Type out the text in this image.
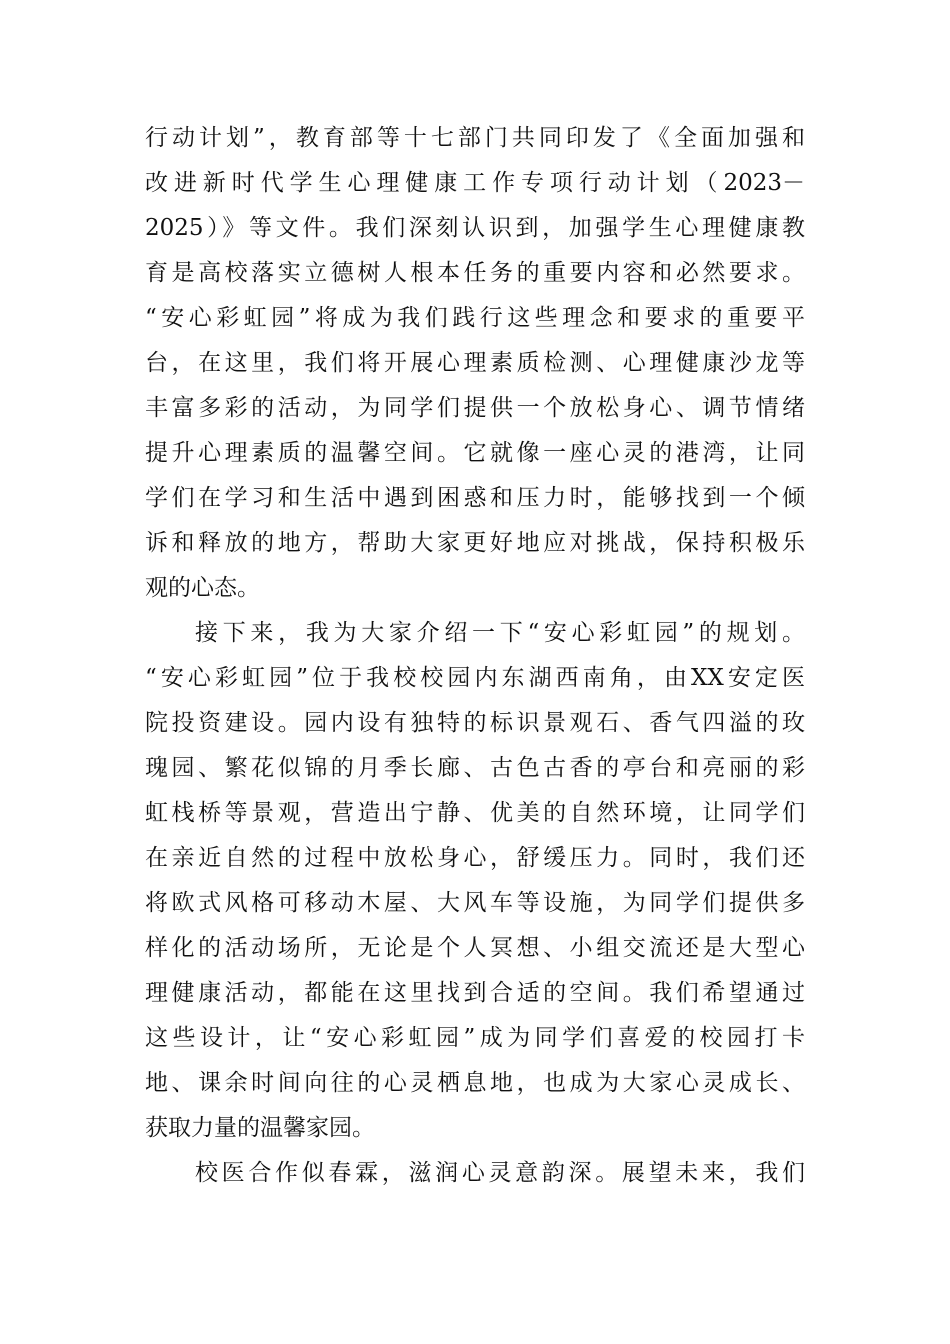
行动计划”，教育部等十七部门共同印发了《全面加强和
改进新时代学生心理健康工作专项行动计划（2023－
2025）》等文件。我们深刻认识到，加强学生心理健康教
育是高校落实立德树人根本任务的重要内容和必然要求。
“安心彩虹园”将成为我们践行这些理念和要求的重要平
台，在这里，我们将开展心理素质检测、心理健康沙龙等
丰富多彩的活动，为同学们提供一个放松身心、调节情绪
提升心理素质的温馨空间。它就像一座心灵的港湾，让同
学们在学习和生活中遇到困惑和压力时，能够找到一个倾
诉和释放的地方，帮助大家更好地应对挑战，保持积极乐
观的心态。
接下来，我为大家介绍一下“安心彩虹园”的规划。
“安心彩虹园”位于我校校园内东湖西南角，由XX安定医
院投资建设。园内设有独特的标识景观石、香气四溢的玫
瑰园、繁花似锦的月季长廊、古色古香的亭台和亮丽的彩
虹栈桥等景观，营造出宁静、优美的自然环境，让同学们
在亲近自然的过程中放松身心，舒缓压力。同时，我们还
将欧式风格可移动木屋、大风车等设施，为同学们提供多
样化的活动场所，无论是个人冥想、小组交流还是大型心
理健康活动，都能在这里找到合适的空间。我们希望通过
这些设计，让“安心彩虹园”成为同学们喜爱的校园打卡
地、课余时间向往的心灵栖息地，也成为大家心灵成长、
获取力量的温馨家园。
校医合作似春霖，滋润心灵意韵深。展望未来，我们
